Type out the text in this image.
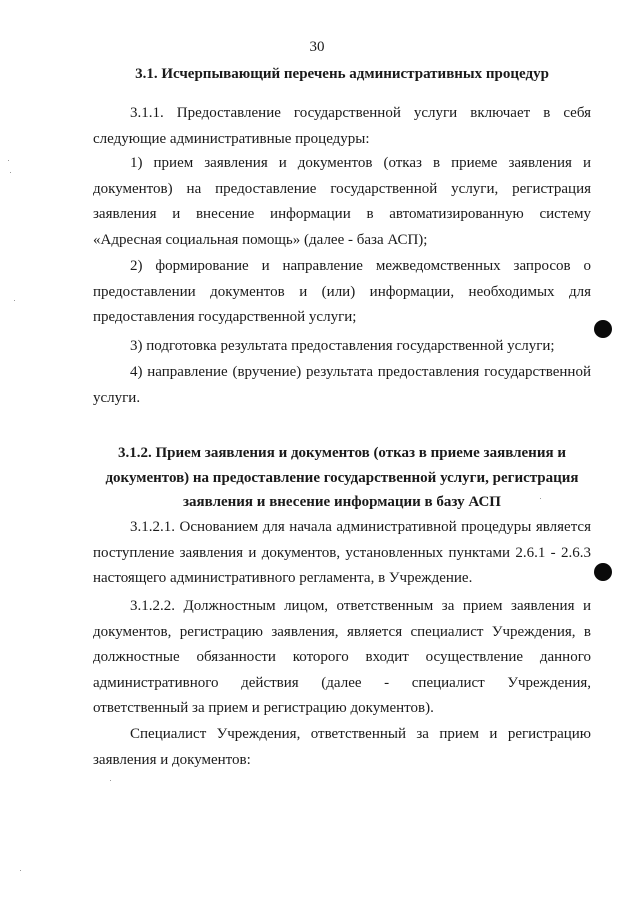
30
3.1. Исчерпывающий перечень административных процедур

3.1.1. Предоставление государственной услуги включает в себя следующие административные процедуры:

1) прием заявления и документов (отказ в приеме заявления и документов) на предоставление государственной услуги, регистрация заявления и внесение информации в автоматизированную систему «Адресная социальная помощь» (далее - база АСП);

2) формирование и направление межведомственных запросов о предоставлении документов и (или) информации, необходимых для предоставления государственной услуги;

3) подготовка результата предоставления государственной услуги;

4) направление (вручение) результата предоставления государственной услуги.

3.1.2. Прием заявления и документов (отказ в приеме заявления и документов) на предоставление государственной услуги, регистрация заявления и внесение информации в базу АСП

3.1.2.1. Основанием для начала административной процедуры является поступление заявления и документов, установленных пунктами 2.6.1 - 2.6.3 настоящего административного регламента, в Учреждение.

3.1.2.2. Должностным лицом, ответственным за прием заявления и документов, регистрацию заявления, является специалист Учреждения, в должностные обязанности которого входит осуществление данного административного действия (далее - специалист Учреждения, ответственный за прием и регистрацию документов).

Специалист Учреждения, ответственный за прием и регистрацию заявления и документов:
